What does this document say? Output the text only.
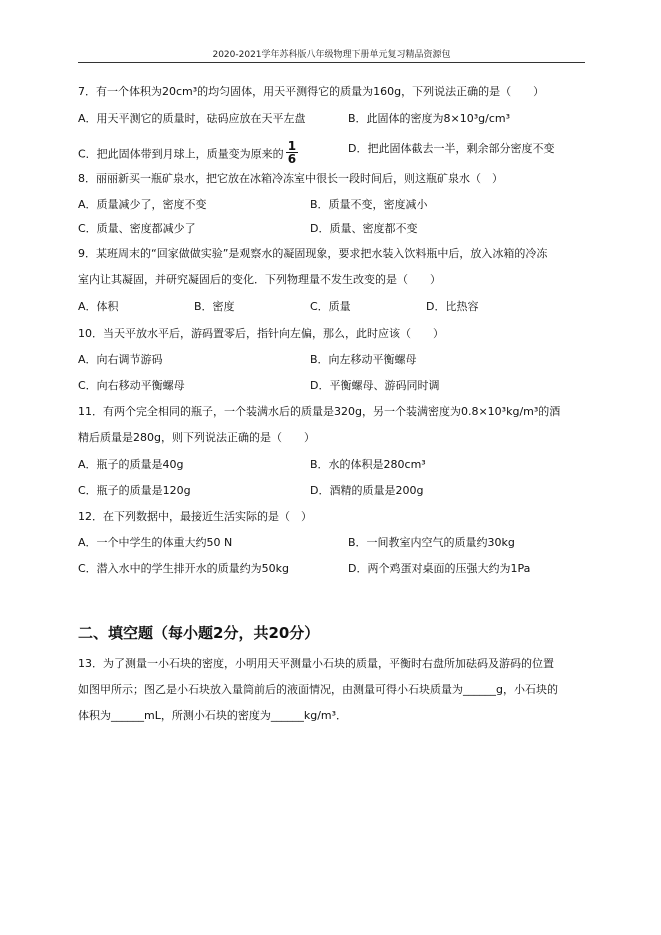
2020-2021学年苏科版八年级物理下册单元复习精品资源包
7．有一个体积为20cm³的均匀固体，用天平测得它的质量为160g，下列说法正确的是（　　）
A．用天平测它的质量时，砝码应放在天平左盘	B．此固体的密度为8×10³g/cm³
C．把此固体带到月球上，质量变为原来的 $\frac{1}{6}$	D．把此固体截去一半，剩余部分密度不变
8．丽丽新买一瓶矿泉水，把它放在冰箱冷冻室中很长一段时间后，则这瓶矿泉水（　）
A．质量减少了，密度不变	B．质量不变，密度减小
C．质量、密度都减少了	D．质量、密度都不变
9．某班周末的“回家做做实验”是观察水的凝固现象，要求把水装入饮料瓶中后，放入冰箱的冷冻
室内让其凝固，并研究凝固后的变化．下列物理量不发生改变的是（　　）
A．体积	B．密度	C．质量	D．比热容
10．当天平放水平后，游码置零后，指针向左偏，那么，此时应该（　　）
A．向右调节游码	B．向左移动平衡螺母
C．向右移动平衡螺母	D．平衡螺母、游码同时调
11．有两个完全相同的瓶子，一个装满水后的质量是320g，另一个装满密度为0.8×10³kg/m³的酒
精后质量是280g，则下列说法正确的是（　　）
A．瓶子的质量是40g	B．水的体积是280cm³
C．瓶子的质量是120g	D．酒精的质量是200g
12．在下列数据中，最接近生活实际的是（　）
A．一个中学生的体重大约50 N	B．一间教室内空气的质量约30kg
C．潜入水中的学生排开水的质量约为50kg	D．两个鸡蛋对桌面的压强大约为1Pa
二、填空题（每小题2分，共20分）
13．为了测量一小石块的密度，小明用天平测量小石块的质量，平衡时右盘所加砝码及游码的位置
如图甲所示；图乙是小石块放入量筒前后的液面情况，由测量可得小石块质量为______g，小石块的
体积为______mL，所测小石块的密度为______kg/m³．
